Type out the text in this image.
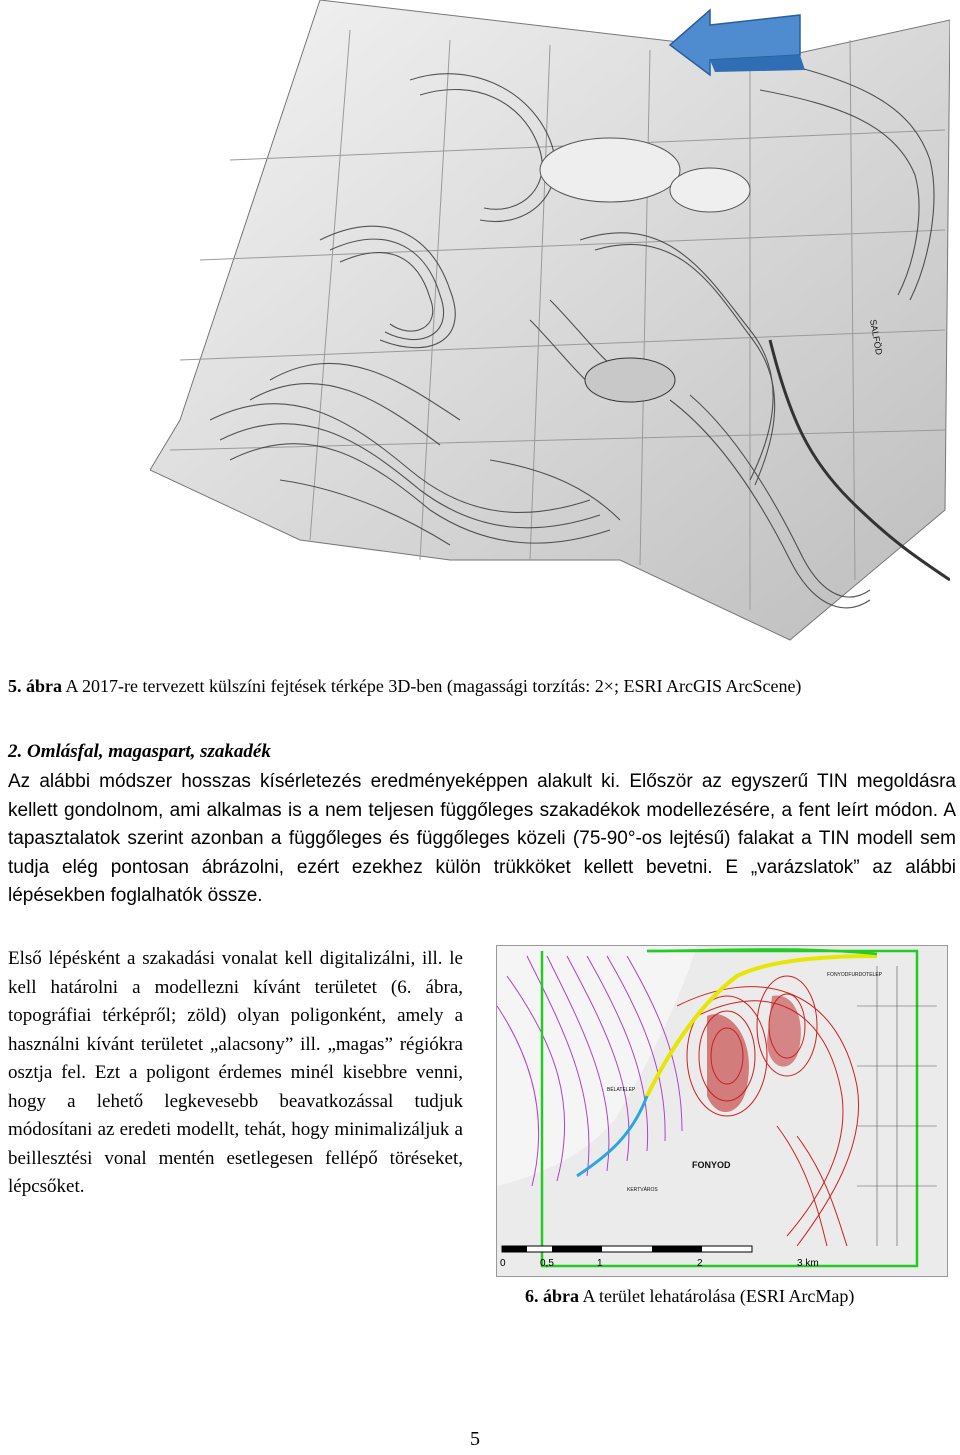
SALFÖD
5. ábra A 2017-re tervezett külszíni fejtések térképe 3D-ben (magassági torzítás: 2×; ESRI ArcGIS ArcScene)
2. Omlásfal, magaspart, szakadék
Az alábbi módszer hosszas kísérletezés eredményeképpen alakult ki. Először az egyszerű TIN megoldásra kellett gondolnom, ami alkalmas is a nem teljesen függőleges szakadékok modellezésére, a fent leírt módon. A tapasztalatok szerint azonban a függőleges és függőleges közeli (75-90°-os lejtésű) falakat a TIN modell sem tudja elég pontosan ábrázolni, ezért ezekhez külön trükköket kellett bevetni. E „varázslatok” az alábbi lépésekben foglalhatók össze.
Első lépésként a szakadási vonalat kell digitalizálni, ill. le kell határolni a modellezni kívánt területet (6. ábra, topográfiai térképről; zöld) olyan poligonként, amely a használni kívánt területet „alacsony” ill. „magas” régiókra osztja fel. Ezt a poligont érdemes minél kisebbre venni, hogy a lehető legkevesebb beavatkozással tudjuk módosítani az eredeti modellt, tehát, hogy minimalizáljuk a beillesztési vonal mentén esetlegesen fellépő töréseket, lépcsőket.
FONYOD
BÉLATELEP
KERTVÁROS
FONYODFURDOTELEP
0	0,5	1	2	3 km
6. ábra A terület lehatárolása (ESRI ArcMap)
5
